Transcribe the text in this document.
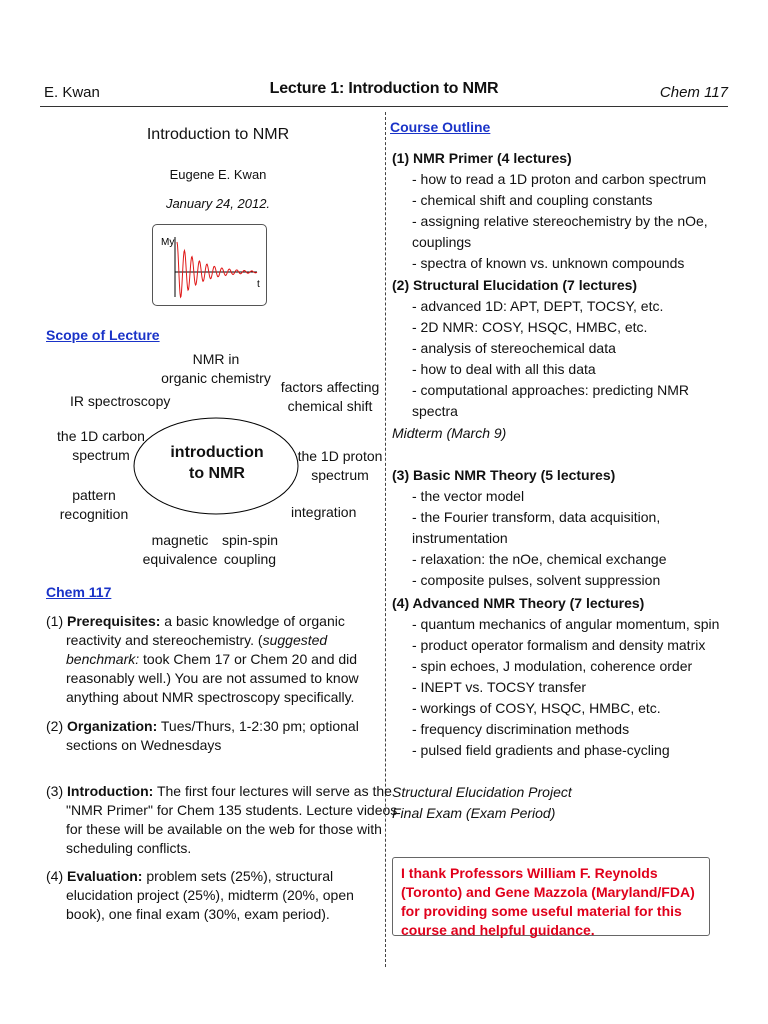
E. Kwan	Lecture 1: Introduction to NMR	Chem 117
Introduction to NMR
Eugene E. Kwan
January 24, 2012.
My
t
Scope of Lecture
introduction
to NMR
NMR in
organic chemistry
factors affecting
chemical shift
IR spectroscopy
the 1D carbon
spectrum	the 1D proton
spectrum
pattern
recognition	integration
magnetic
equivalence
spin-spin
coupling
Chem 117

(1) Prerequisites: a basic knowledge of organic reactivity and stereochemistry. (suggested benchmark: took Chem 17 or Chem 20 and did reasonably well.) You are not assumed to know anything about NMR spectroscopy specifically.

(2) Organization: Tues/Thurs, 1-2:30 pm; optional sections on Wednesdays

(3) Introduction: The first four lectures will serve as the "NMR Primer" for Chem 135 students. Lecture videos for these will be available on the web for those with scheduling conflicts.

(4) Evaluation: problem sets (25%), structural elucidation project (25%), midterm (20%, open book), one final exam (30%, exam period).

Course Outline
(1) NMR Primer (4 lectures)
- how to read a 1D proton and carbon spectrum
- chemical shift and coupling constants
- assigning relative stereochemistry by the nOe, couplings
- spectra of known vs. unknown compounds
(2) Structural Elucidation (7 lectures)
- advanced 1D: APT, DEPT, TOCSY, etc.
- 2D NMR: COSY, HSQC, HMBC, etc.
- analysis of stereochemical data
- how to deal with all this data
- computational approaches: predicting NMR spectra
Midterm (March 9)
(3) Basic NMR Theory (5 lectures)
- the vector model
- the Fourier transform, data acquisition, instrumentation
- relaxation: the nOe, chemical exchange
- composite pulses, solvent suppression
(4) Advanced NMR Theory (7 lectures)
- quantum mechanics of angular momentum, spin
- product operator formalism and density matrix
- spin echoes, J modulation, coherence order
- INEPT vs. TOCSY transfer
- workings of COSY, HSQC, HMBC, etc.
- frequency discrimination methods
- pulsed field gradients and phase-cycling
Structural Elucidation Project
Final Exam (Exam Period)
I thank Professors William F. Reynolds (Toronto) and Gene Mazzola (Maryland/FDA) for providing some useful material for this course and helpful guidance.
